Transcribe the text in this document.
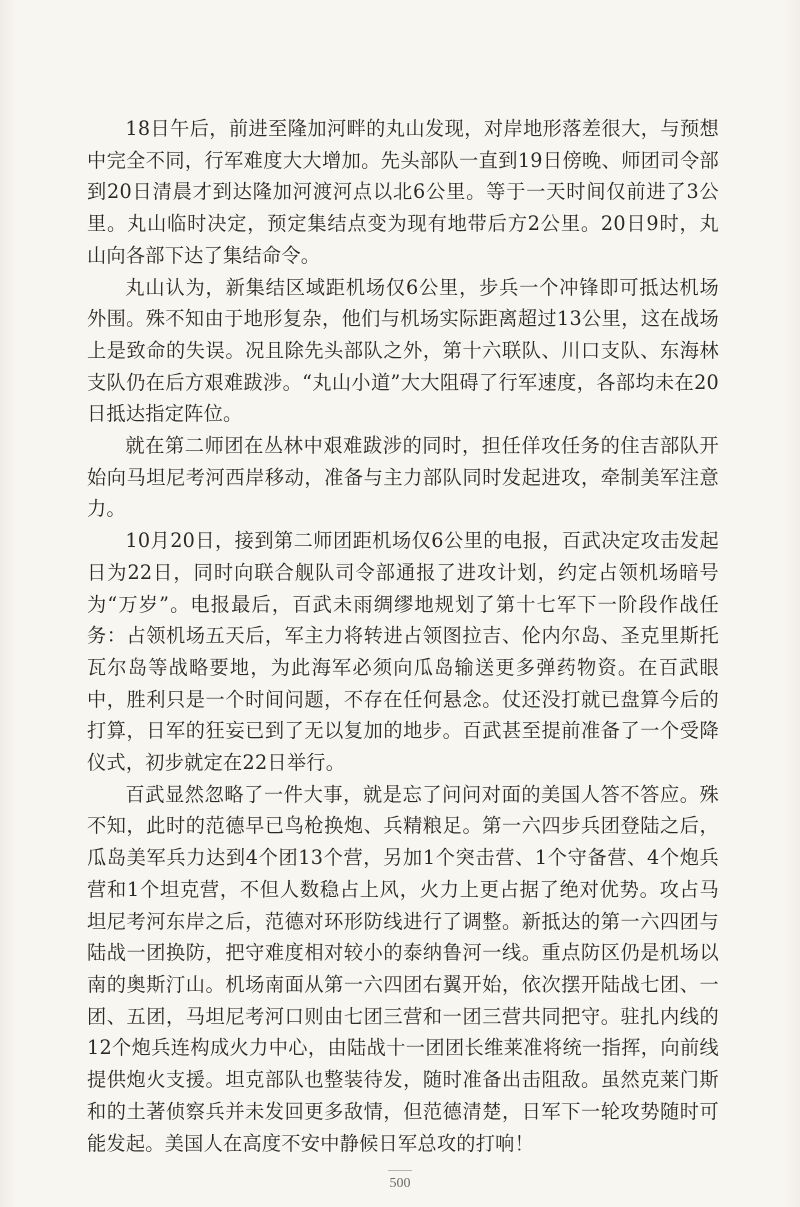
18日午后，前进至隆加河畔的丸山发现，对岸地形落差很大，与预想中完全不同，行军难度大大增加。先头部队一直到19日傍晚、师团司令部到20日清晨才到达隆加河渡河点以北6公里。等于一天时间仅前进了3公里。丸山临时决定，预定集结点变为现有地带后方2公里。20日9时，丸山向各部下达了集结命令。

丸山认为，新集结区域距机场仅6公里，步兵一个冲锋即可抵达机场外围。殊不知由于地形复杂，他们与机场实际距离超过13公里，这在战场上是致命的失误。况且除先头部队之外，第十六联队、川口支队、东海林支队仍在后方艰难跋涉。“丸山小道”大大阻碍了行军速度，各部均未在20日抵达指定阵位。

就在第二师团在丛林中艰难跋涉的同时，担任佯攻任务的住吉部队开始向马坦尼考河西岸移动，准备与主力部队同时发起进攻，牵制美军注意力。

10月20日，接到第二师团距机场仅6公里的电报，百武决定攻击发起日为22日，同时向联合舰队司令部通报了进攻计划，约定占领机场暗号为“万岁”。电报最后，百武未雨绸缪地规划了第十七军下一阶段作战任务：占领机场五天后，军主力将转进占领图拉吉、伦内尔岛、圣克里斯托瓦尔岛等战略要地，为此海军必须向瓜岛输送更多弹药物资。在百武眼中，胜利只是一个时间问题，不存在任何悬念。仗还没打就已盘算今后的打算，日军的狂妄已到了无以复加的地步。百武甚至提前准备了一个受降仪式，初步就定在22日举行。

百武显然忽略了一件大事，就是忘了问问对面的美国人答不答应。殊不知，此时的范德早已鸟枪换炮、兵精粮足。第一六四步兵团登陆之后，瓜岛美军兵力达到4个团13个营，另加1个突击营、1个守备营、4个炮兵营和1个坦克营，不但人数稳占上风，火力上更占据了绝对优势。攻占马坦尼考河东岸之后，范德对环形防线进行了调整。新抵达的第一六四团与陆战一团换防，把守难度相对较小的泰纳鲁河一线。重点防区仍是机场以南的奥斯汀山。机场南面从第一六四团右翼开始，依次摆开陆战七团、一团、五团，马坦尼考河口则由七团三营和一团三营共同把守。驻扎内线的12个炮兵连构成火力中心，由陆战十一团团长维莱准将统一指挥，向前线提供炮火支援。坦克部队也整装待发，随时准备出击阻敌。虽然克莱门斯和的土著侦察兵并未发回更多敌情，但范德清楚，日军下一轮攻势随时可能发起。美国人在高度不安中静候日军总攻的打响！

500
